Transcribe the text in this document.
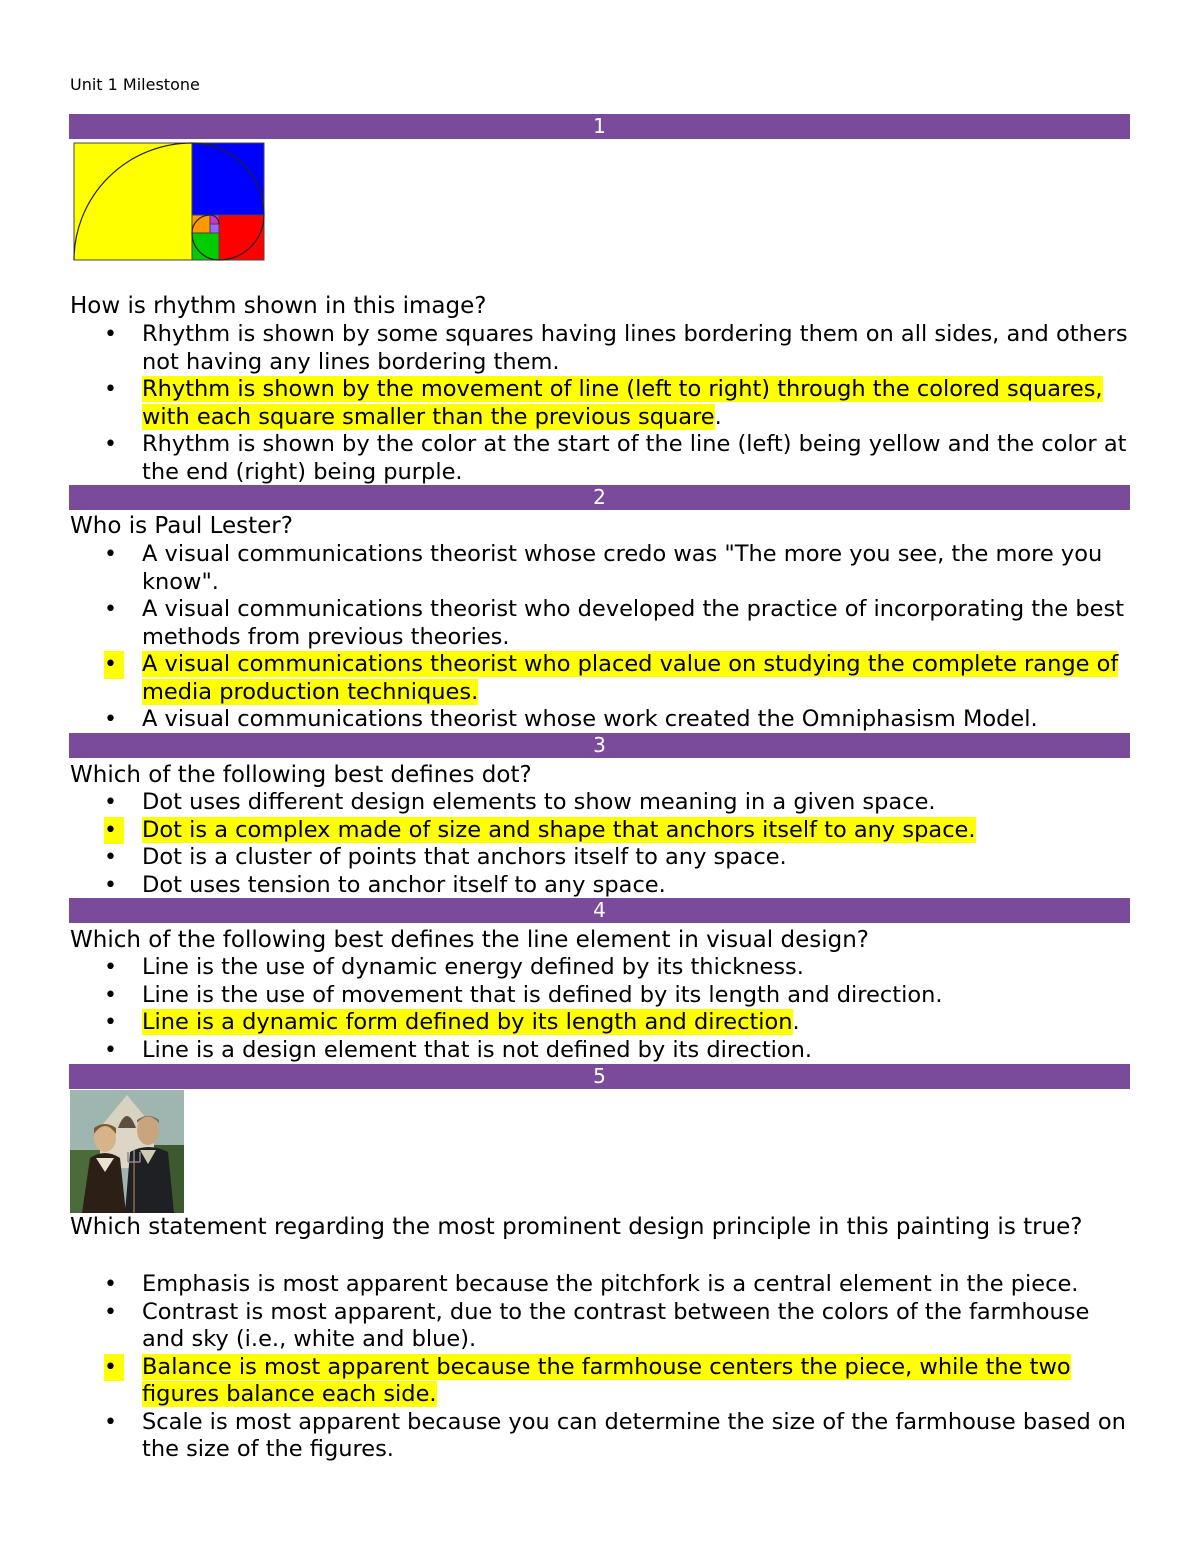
Unit 1 Milestone
1
How is rhythm shown in this image?
•	Rhythm is shown by some squares having lines bordering them on all sides, and others not having any lines bordering them.
•	Rhythm is shown by the movement of line (left to right) through the colored squares, with each square smaller than the previous square.
•	Rhythm is shown by the color at the start of the line (left) being yellow and the color at the end (right) being purple.
2
Who is Paul Lester?
•	A visual communications theorist whose credo was "The more you see, the more you know".
•	A visual communications theorist who developed the practice of incorporating the best methods from previous theories.
•	A visual communications theorist who placed value on studying the complete range of media production techniques.
•	A visual communications theorist whose work created the Omniphasism Model.
3
Which of the following best defines dot?
•	Dot uses different design elements to show meaning in a given space.
•	Dot is a complex made of size and shape that anchors itself to any space.
•	Dot is a cluster of points that anchors itself to any space.
•	Dot uses tension to anchor itself to any space.
4
Which of the following best defines the line element in visual design?
•	Line is the use of dynamic energy defined by its thickness.
•	Line is the use of movement that is defined by its length and direction.
•	Line is a dynamic form defined by its length and direction.
•	Line is a design element that is not defined by its direction.
5
Which statement regarding the most prominent design principle in this painting is true?
•	Emphasis is most apparent because the pitchfork is a central element in the piece.
•	Contrast is most apparent, due to the contrast between the colors of the farmhouse and sky (i.e., white and blue).
•	Balance is most apparent because the farmhouse centers the piece, while the two figures balance each side.
•	Scale is most apparent because you can determine the size of the farmhouse based on the size of the figures.
